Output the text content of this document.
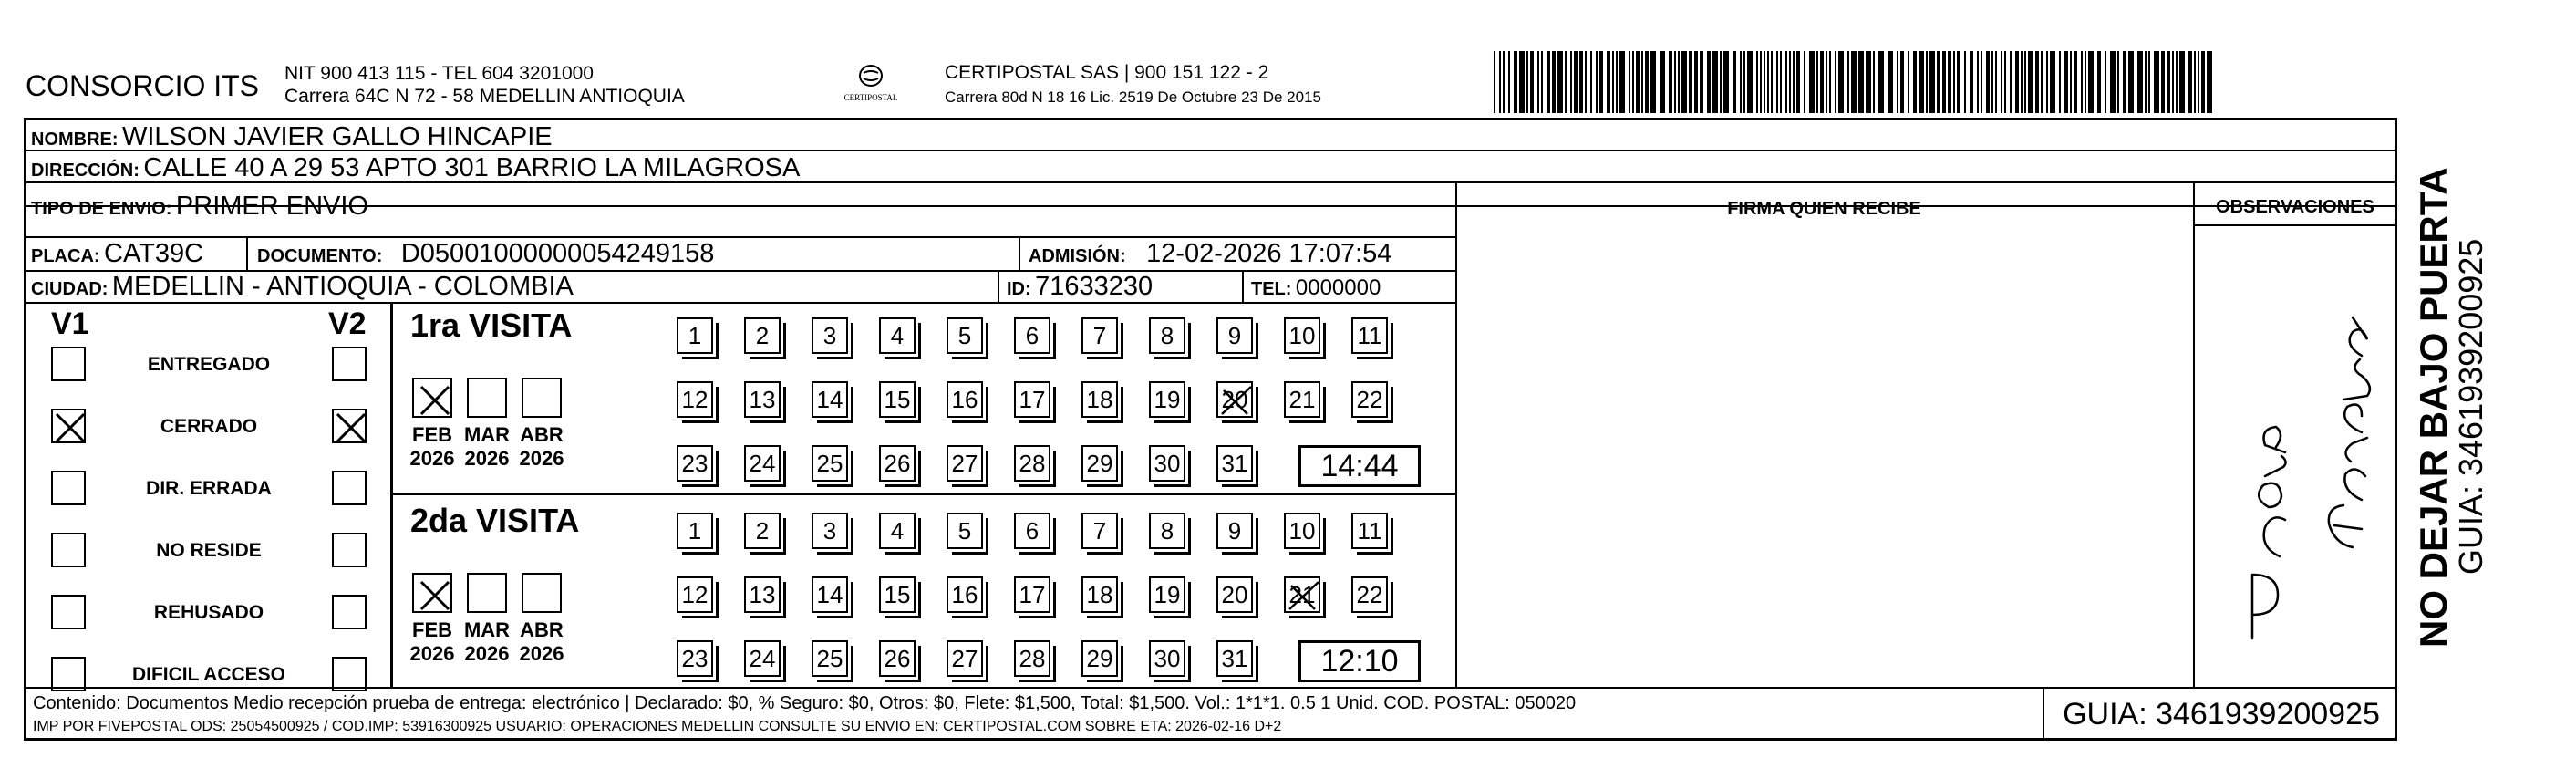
CONSORCIO ITS NIT 900 413 115 - TEL 604 3201000
Carrera 64C N 72 - 58 MEDELLIN ANTIOQUIA	CERTIPOSTAL
CERTIPOSTAL SAS | 900 151 122 - 2
Carrera 80d N 18 16 Lic. 2519 De Octubre 23 De 2015
NOMBRE: WILSON JAVIER GALLO HINCAPIE
DIRECCIÓN: CALLE 40 A 29 53 APTO 301 BARRIO LA MILAGROSA
TIPO DE ENVIO: PRIMER ENVIO
PLACA: CAT39C	DOCUMENTO: D05001000000054249158	ADMISIÓN: 12-02-2026 17:07:54
CIUDAD: MEDELLIN - ANTIOQUIA - COLOMBIA	ID: 71633230	TEL: 0000000
FIRMA QUIEN RECIBE	OBSERVACIONES
V1	V2
ENTREGADO
CERRADO
DIR. ERRADA
NO RESIDE
REHUSADO
DIFICIL ACCESO
1ra VISITA
FEB
2026
MAR
2026
ABR
2026
1	2	3	4	5	6	7	8	9	10 11
12 13 14 15 16 17 18 19 20 21 22
23 24 25 26 27 28 29 30 31	14:44
2da VISITA
FEB
2026
MAR
2026
ABR
2026
1	2	3	4	5	6	7	8	9	10 11
12 13 14 15 16 17 18 19 20 21 22
23 24 25 26 27 28 29 30 31	12:10
Contenido: Documentos Medio recepción prueba de entrega: electrónico | Declarado: $0, % Seguro: $0, Otros: $0, Flete: $1,500, Total: $1,500. Vol.: 1*1*1. 0.5 1 Unid. COD. POSTAL: 050020
IMP POR FIVEPOSTAL ODS: 25054500925 / COD.IMP: 53916300925 USUARIO: OPERACIONES MEDELLIN CONSULTE SU ENVIO EN: CERTIPOSTAL.COM SOBRE ETA: 2026-02-16 D+2	GUIA: 3461939200925
NO DEJAR BAJO PUERTA
GUIA: 3461939200925
